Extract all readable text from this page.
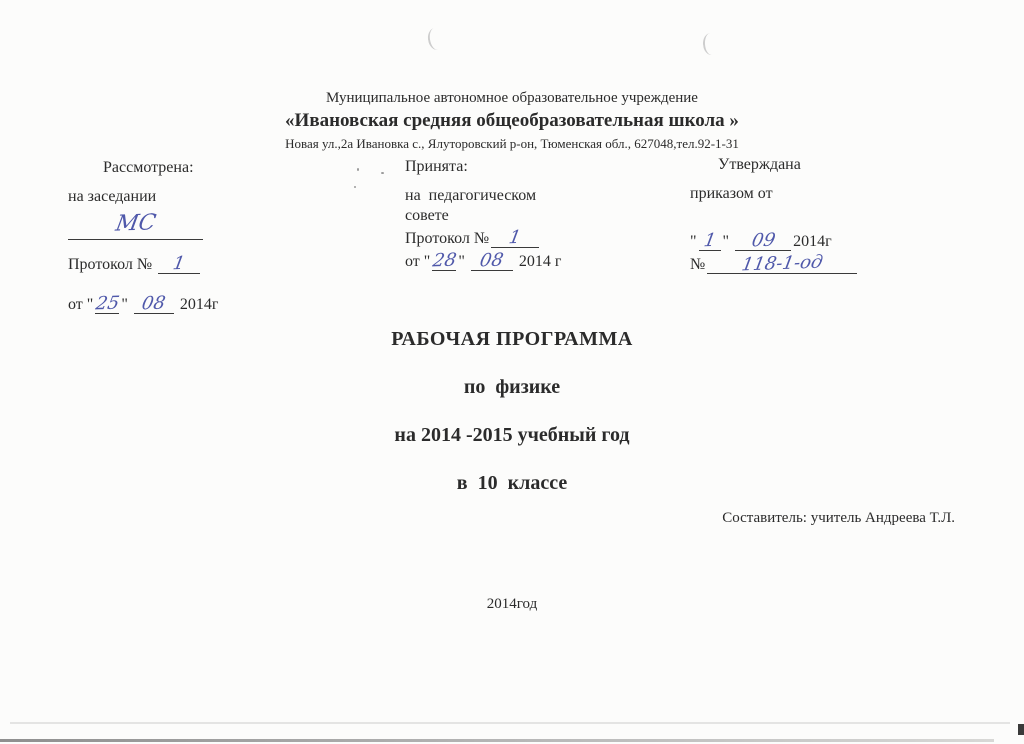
Муниципальное автономное образовательное учреждение
«Ивановская средняя общеобразовательная школа »
Новая ул.,2а Ивановка с., Ялуторовский р-он, Тюменская обл., 627048,тел.92-1-31
Рассмотрена:
на заседании
МС
Протокол № 1
от "25" 08 2014г
Принята:
на  педагогическом
совете
Протокол № 1
от "28" 08 2014 г
Утверждана
приказом от
" 1 " 09 2014г
№ 118-1-од
РАБОЧАЯ ПРОГРАММА
по  физике
на 2014 -2015 учебный год
в  10  классе
Составитель: учитель Андреева Т.Л.
2014год
